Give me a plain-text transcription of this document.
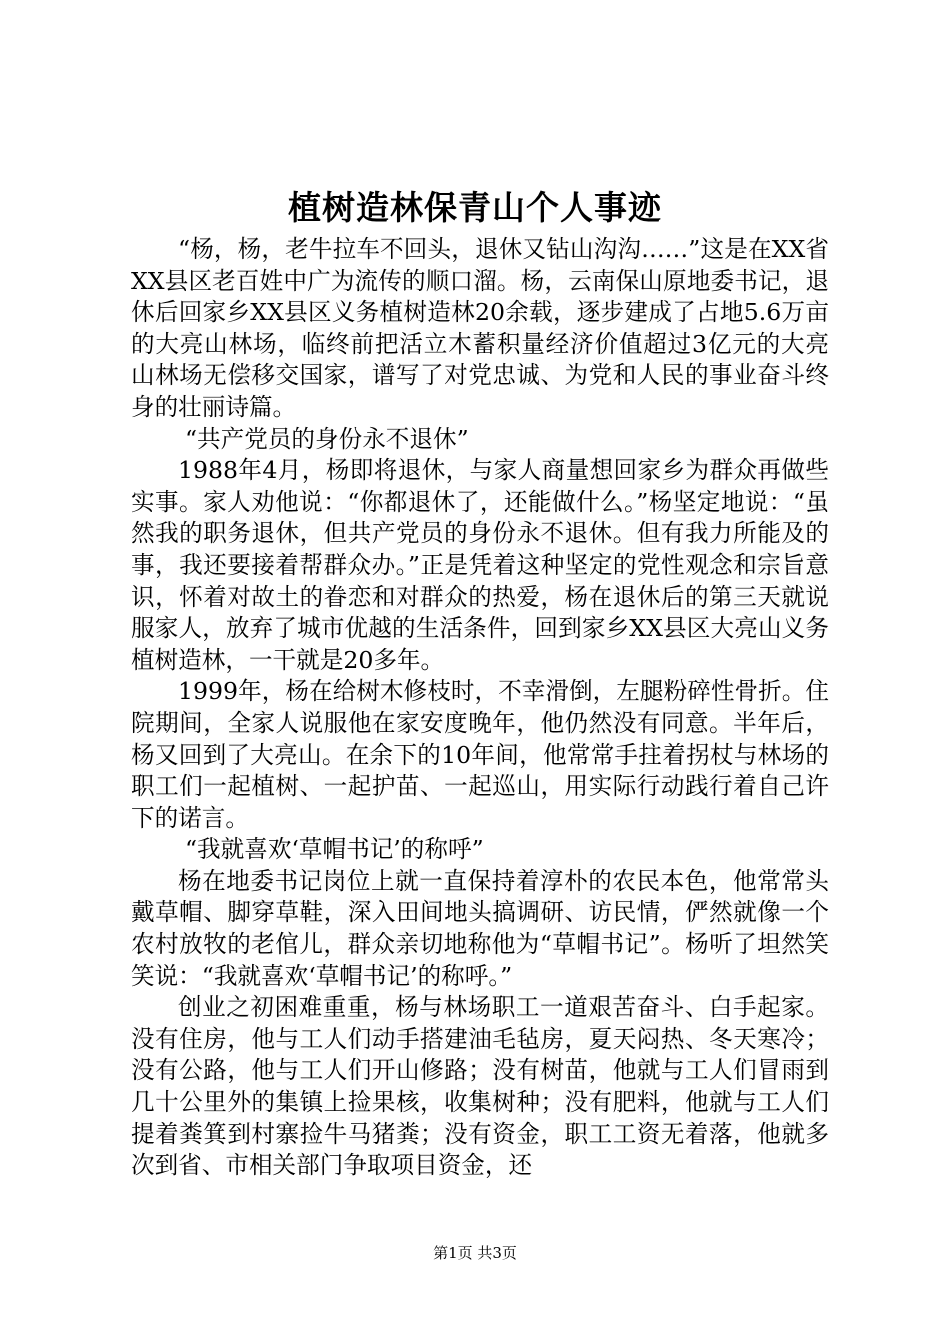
植树造林保青山个人事迹

“杨，杨，老牛拉车不回头，退休又钻山沟沟……”这是在XX省XX县区老百姓中广为流传的顺口溜。杨，云南保山原地委书记，退休后回家乡XX县区义务植树造林20余载，逐步建成了占地5.6万亩的大亮山林场，临终前把活立木蓄积量经济价值超过3亿元的大亮山林场无偿移交国家，谱写了对党忠诚、为党和人民的事业奋斗终身的壮丽诗篇。

“共产党员的身份永不退休”

1988年4月，杨即将退休，与家人商量想回家乡为群众再做些实事。家人劝他说：“你都退休了，还能做什么。”杨坚定地说：“虽然我的职务退休，但共产党员的身份永不退休。但有我力所能及的事，我还要接着帮群众办。”正是凭着这种坚定的党性观念和宗旨意识，怀着对故土的眷恋和对群众的热爱，杨在退休后的第三天就说服家人，放弃了城市优越的生活条件，回到家乡XX县区大亮山义务植树造林，一干就是20多年。

1999年，杨在给树木修枝时，不幸滑倒，左腿粉碎性骨折。住院期间，全家人说服他在家安度晚年，他仍然没有同意。半年后，杨又回到了大亮山。在余下的10年间，他常常手拄着拐杖与林场的职工们一起植树、一起护苗、一起巡山，用实际行动践行着自己许下的诺言。

“我就喜欢‘草帽书记’的称呼”

杨在地委书记岗位上就一直保持着淳朴的农民本色，他常常头戴草帽、脚穿草鞋，深入田间地头搞调研、访民情，俨然就像一个农村放牧的老倌儿，群众亲切地称他为“草帽书记”。杨听了坦然笑笑说：“我就喜欢‘草帽书记’的称呼。”

创业之初困难重重，杨与林场职工一道艰苦奋斗、白手起家。没有住房，他与工人们动手搭建油毛毡房，夏天闷热、冬天寒冷；没有公路，他与工人们开山修路；没有树苗，他就与工人们冒雨到几十公里外的集镇上捡果核，收集树种；没有肥料，他就与工人们提着粪箕到村寨捡牛马猪粪；没有资金，职工工资无着落，他就多次到省、市相关部门争取项目资金，还

第1页 共3页
